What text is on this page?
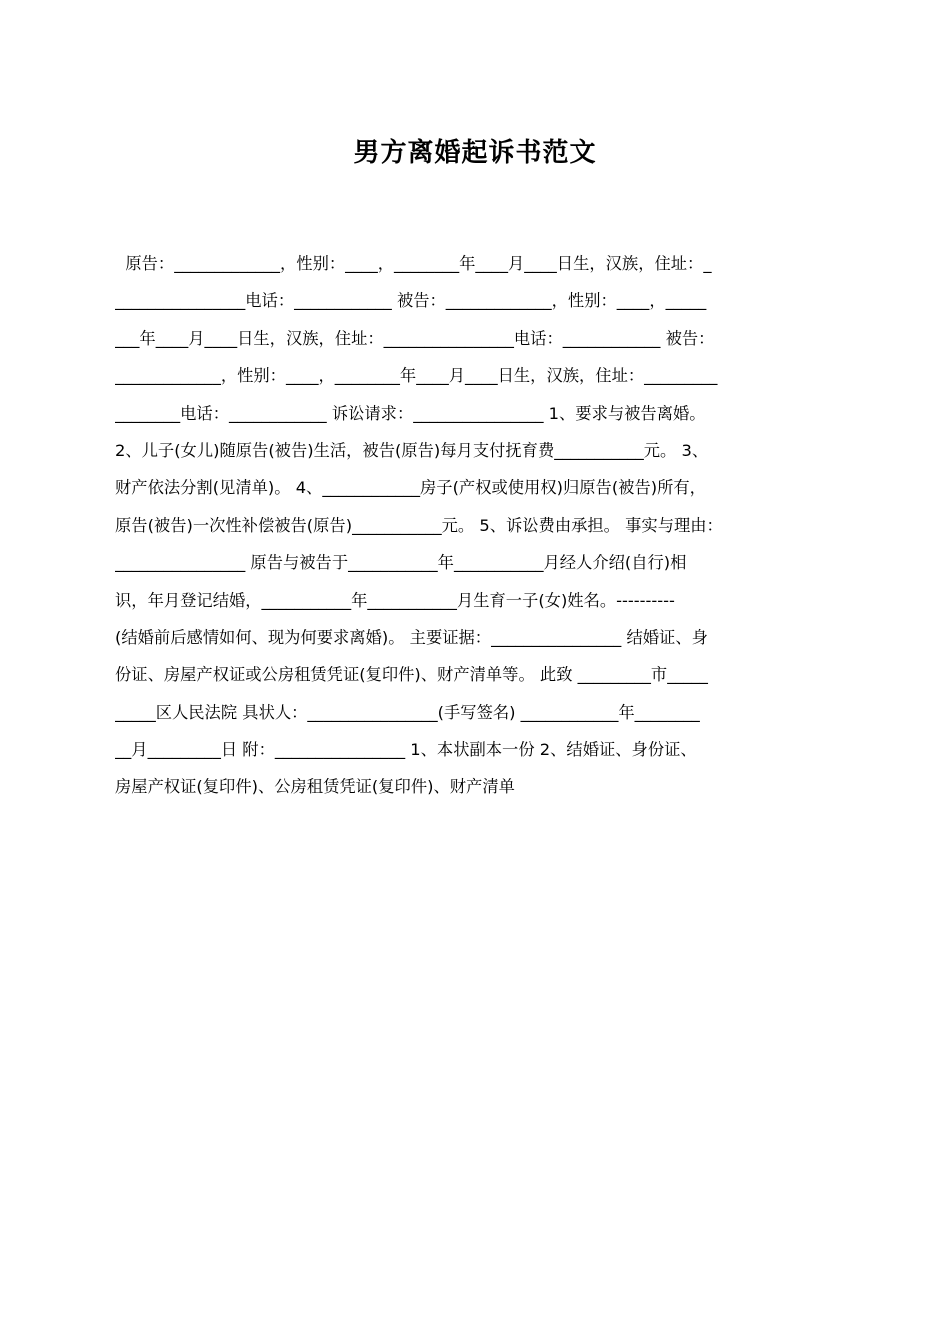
男方离婚起诉书范文
原告：_____________，性别：____，________年____月____日生，汉族，住址：_
________________电话：____________ 被告：_____________，性别：____，_____
___年____月____日生，汉族，住址：________________电话：____________ 被告：
_____________，性别：____，________年____月____日生，汉族，住址：_________
________电话：____________ 诉讼请求：________________ 1、要求与被告离婚。
2、儿子(女儿)随原告(被告)生活，被告(原告)每月支付抚育费___________元。 3、
财产依法分割(见清单)。 4、____________房子(产权或使用权)归原告(被告)所有，
原告(被告)一次性补偿被告(原告)___________元。 5、诉讼费由承担。 事实与理由：
________________ 原告与被告于___________年___________月经人介绍(自行)相
识，年月登记结婚，___________年___________月生育一子(女)姓名。----------
(结婚前后感情如何、现为何要求离婚)。 主要证据：________________ 结婚证、身
份证、房屋产权证或公房租赁凭证(复印件)、财产清单等。 此致 _________市_____
_____区人民法院 具状人：________________(手写签名) ____________年________
__月_________日 附：________________ 1、本状副本一份 2、结婚证、身份证、
房屋产权证(复印件)、公房租赁凭证(复印件)、财产清单
